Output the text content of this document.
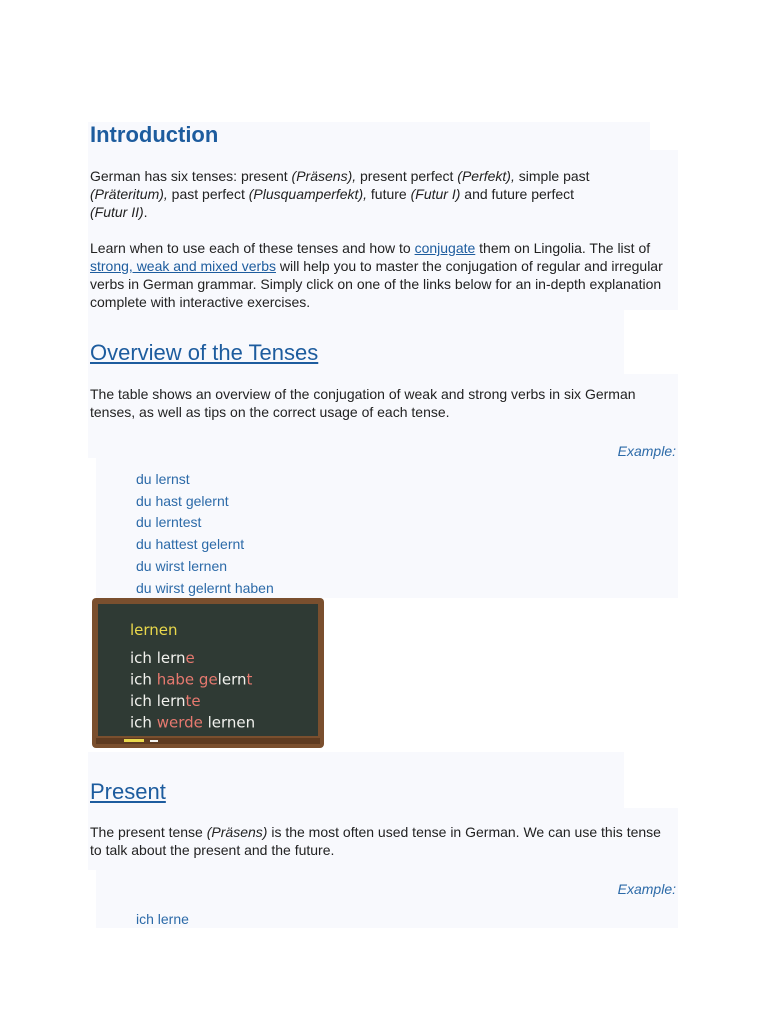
Introduction

German has six tenses: present (Präsens), present perfect (Perfekt), simple past (Präteritum), past perfect (Plusquamperfekt), future (Futur I) and future perfect (Futur II).

Learn when to use each of these tenses and how to conjugate them on Lingolia. The list of strong, weak and mixed verbs will help you to master the conjugation of regular and irregular verbs in German grammar. Simply click on one of the links below for an in-depth explanation complete with interactive exercises.

Overview of the Tenses

The table shows an overview of the conjugation of weak and strong verbs in six German tenses, as well as tips on the correct usage of each tense.

Example:
du lernst
du hast gelernt
du lerntest
du hattest gelernt
du wirst lernen
du wirst gelernt haben
lernen
ich lerne
ich habe gelernt
ich lernte
ich werde lernen
Present

The present tense (Präsens) is the most often used tense in German. We can use this tense to talk about the present and the future.

Example:
ich lerne
